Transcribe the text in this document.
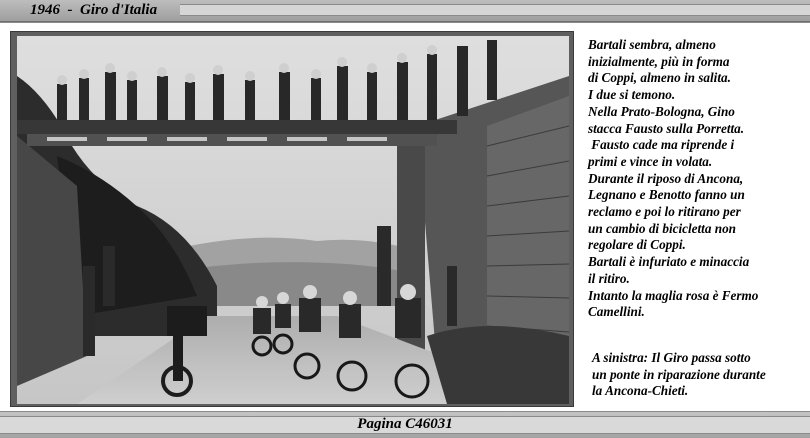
1946  -  Giro d'Italia
Bartali sembra, almeno
inizialmente, più in forma
di Coppi, almeno in salita.
I due si temono.
Nella Prato-Bologna, Gino
stacca Fausto sulla Porretta.
Fausto cade ma riprende i
primi e vince in volata.
Durante il riposo di Ancona,
Legnano e Benotto fanno un
reclamo e poi lo ritirano per
un cambio di bicicletta non
regolare di Coppi.
Bartali è infuriato e minaccia
il ritiro.
Intanto la maglia rosa è Fermo
Camellini.
A sinistra: Il Giro passa sotto
un ponte in riparazione durante
la Ancona-Chieti.
Pagina C46031
